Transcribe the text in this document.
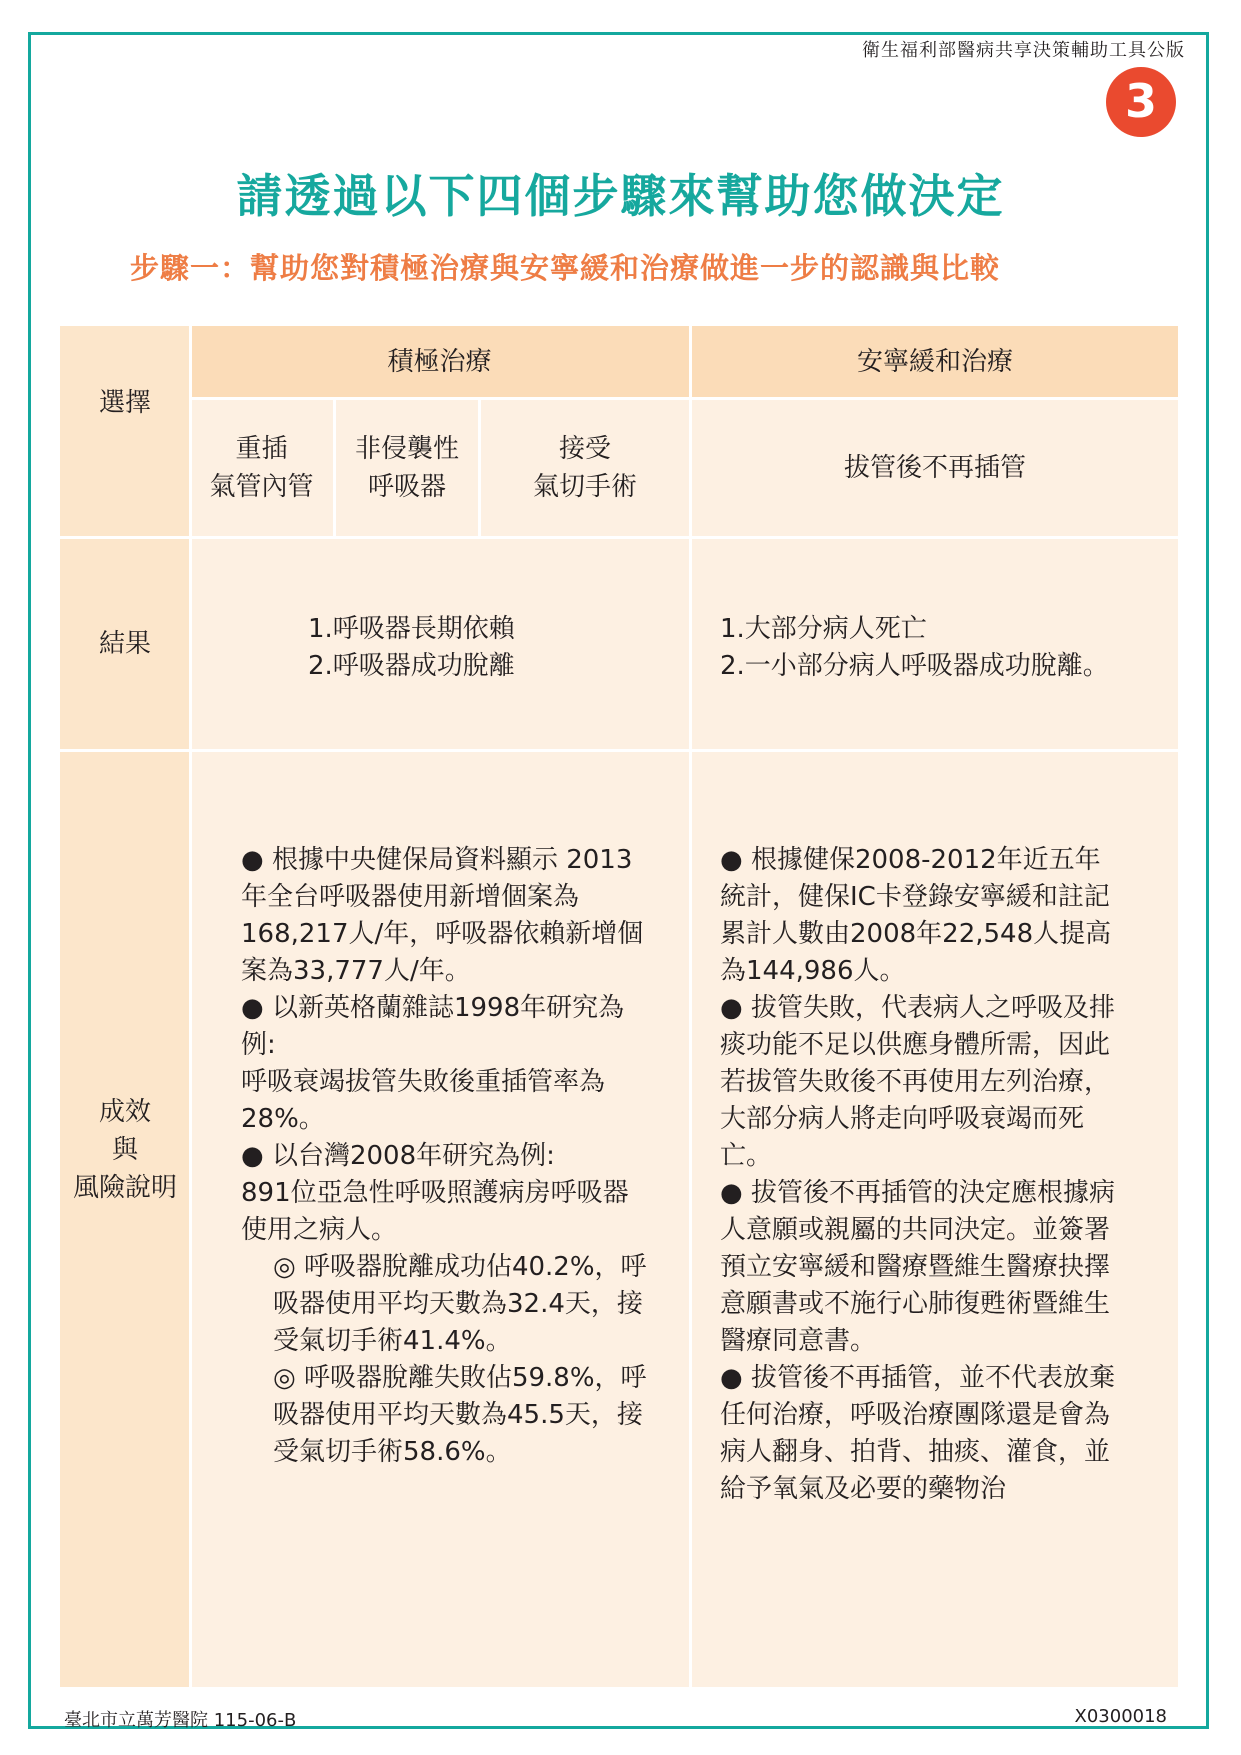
衛生福利部醫病共享決策輔助工具公版
3
請透過以下四個步驟來幫助您做決定
步驟一：幫助您對積極治療與安寧緩和治療做進一步的認識與比較
選擇
結果
成效
與
風險說明
積極治療	安寧緩和治療
重插
氣管內管
非侵襲性
呼吸器
接受
氣切手術
拔管後不再插管

1.呼吸器長期依賴

2.呼吸器成功脫離

1.大部分病人死亡

2.一小部分病人呼吸器成功脫離。

● 根據中央健保局資料顯示 2013年全台呼吸器使用新增個案為168,217人/年，呼吸器依賴新增個案為33,777人/年。

● 以新英格蘭雜誌1998年研究為例:

呼吸衰竭拔管失敗後重插管率為28%。

● 以台灣2008年研究為例:

891位亞急性呼吸照護病房呼吸器使用之病人。

◎ 呼吸器脫離成功佔40.2%，呼吸器使用平均天數為32.4天，接受氣切手術41.4%。

◎ 呼吸器脫離失敗佔59.8%，呼吸器使用平均天數為45.5天，接受氣切手術58.6%。

● 根據健保2008-2012年近五年統計，健保IC卡登錄安寧緩和註記累計人數由2008年22,548人提高為144,986人。

● 拔管失敗，代表病人之呼吸及排痰功能不足以供應身體所需，因此若拔管失敗後不再使用左列治療，大部分病人將走向呼吸衰竭而死亡。

● 拔管後不再插管的決定應根據病人意願或親屬的共同決定。並簽署預立安寧緩和醫療暨維生醫療抉擇意願書或不施行心肺復甦術暨維生醫療同意書。

● 拔管後不再插管，並不代表放棄任何治療，呼吸治療團隊還是會為病人翻身、拍背、抽痰、灌食，並給予氧氣及必要的藥物治

臺北市立萬芳醫院 115-06-B	X0300018
